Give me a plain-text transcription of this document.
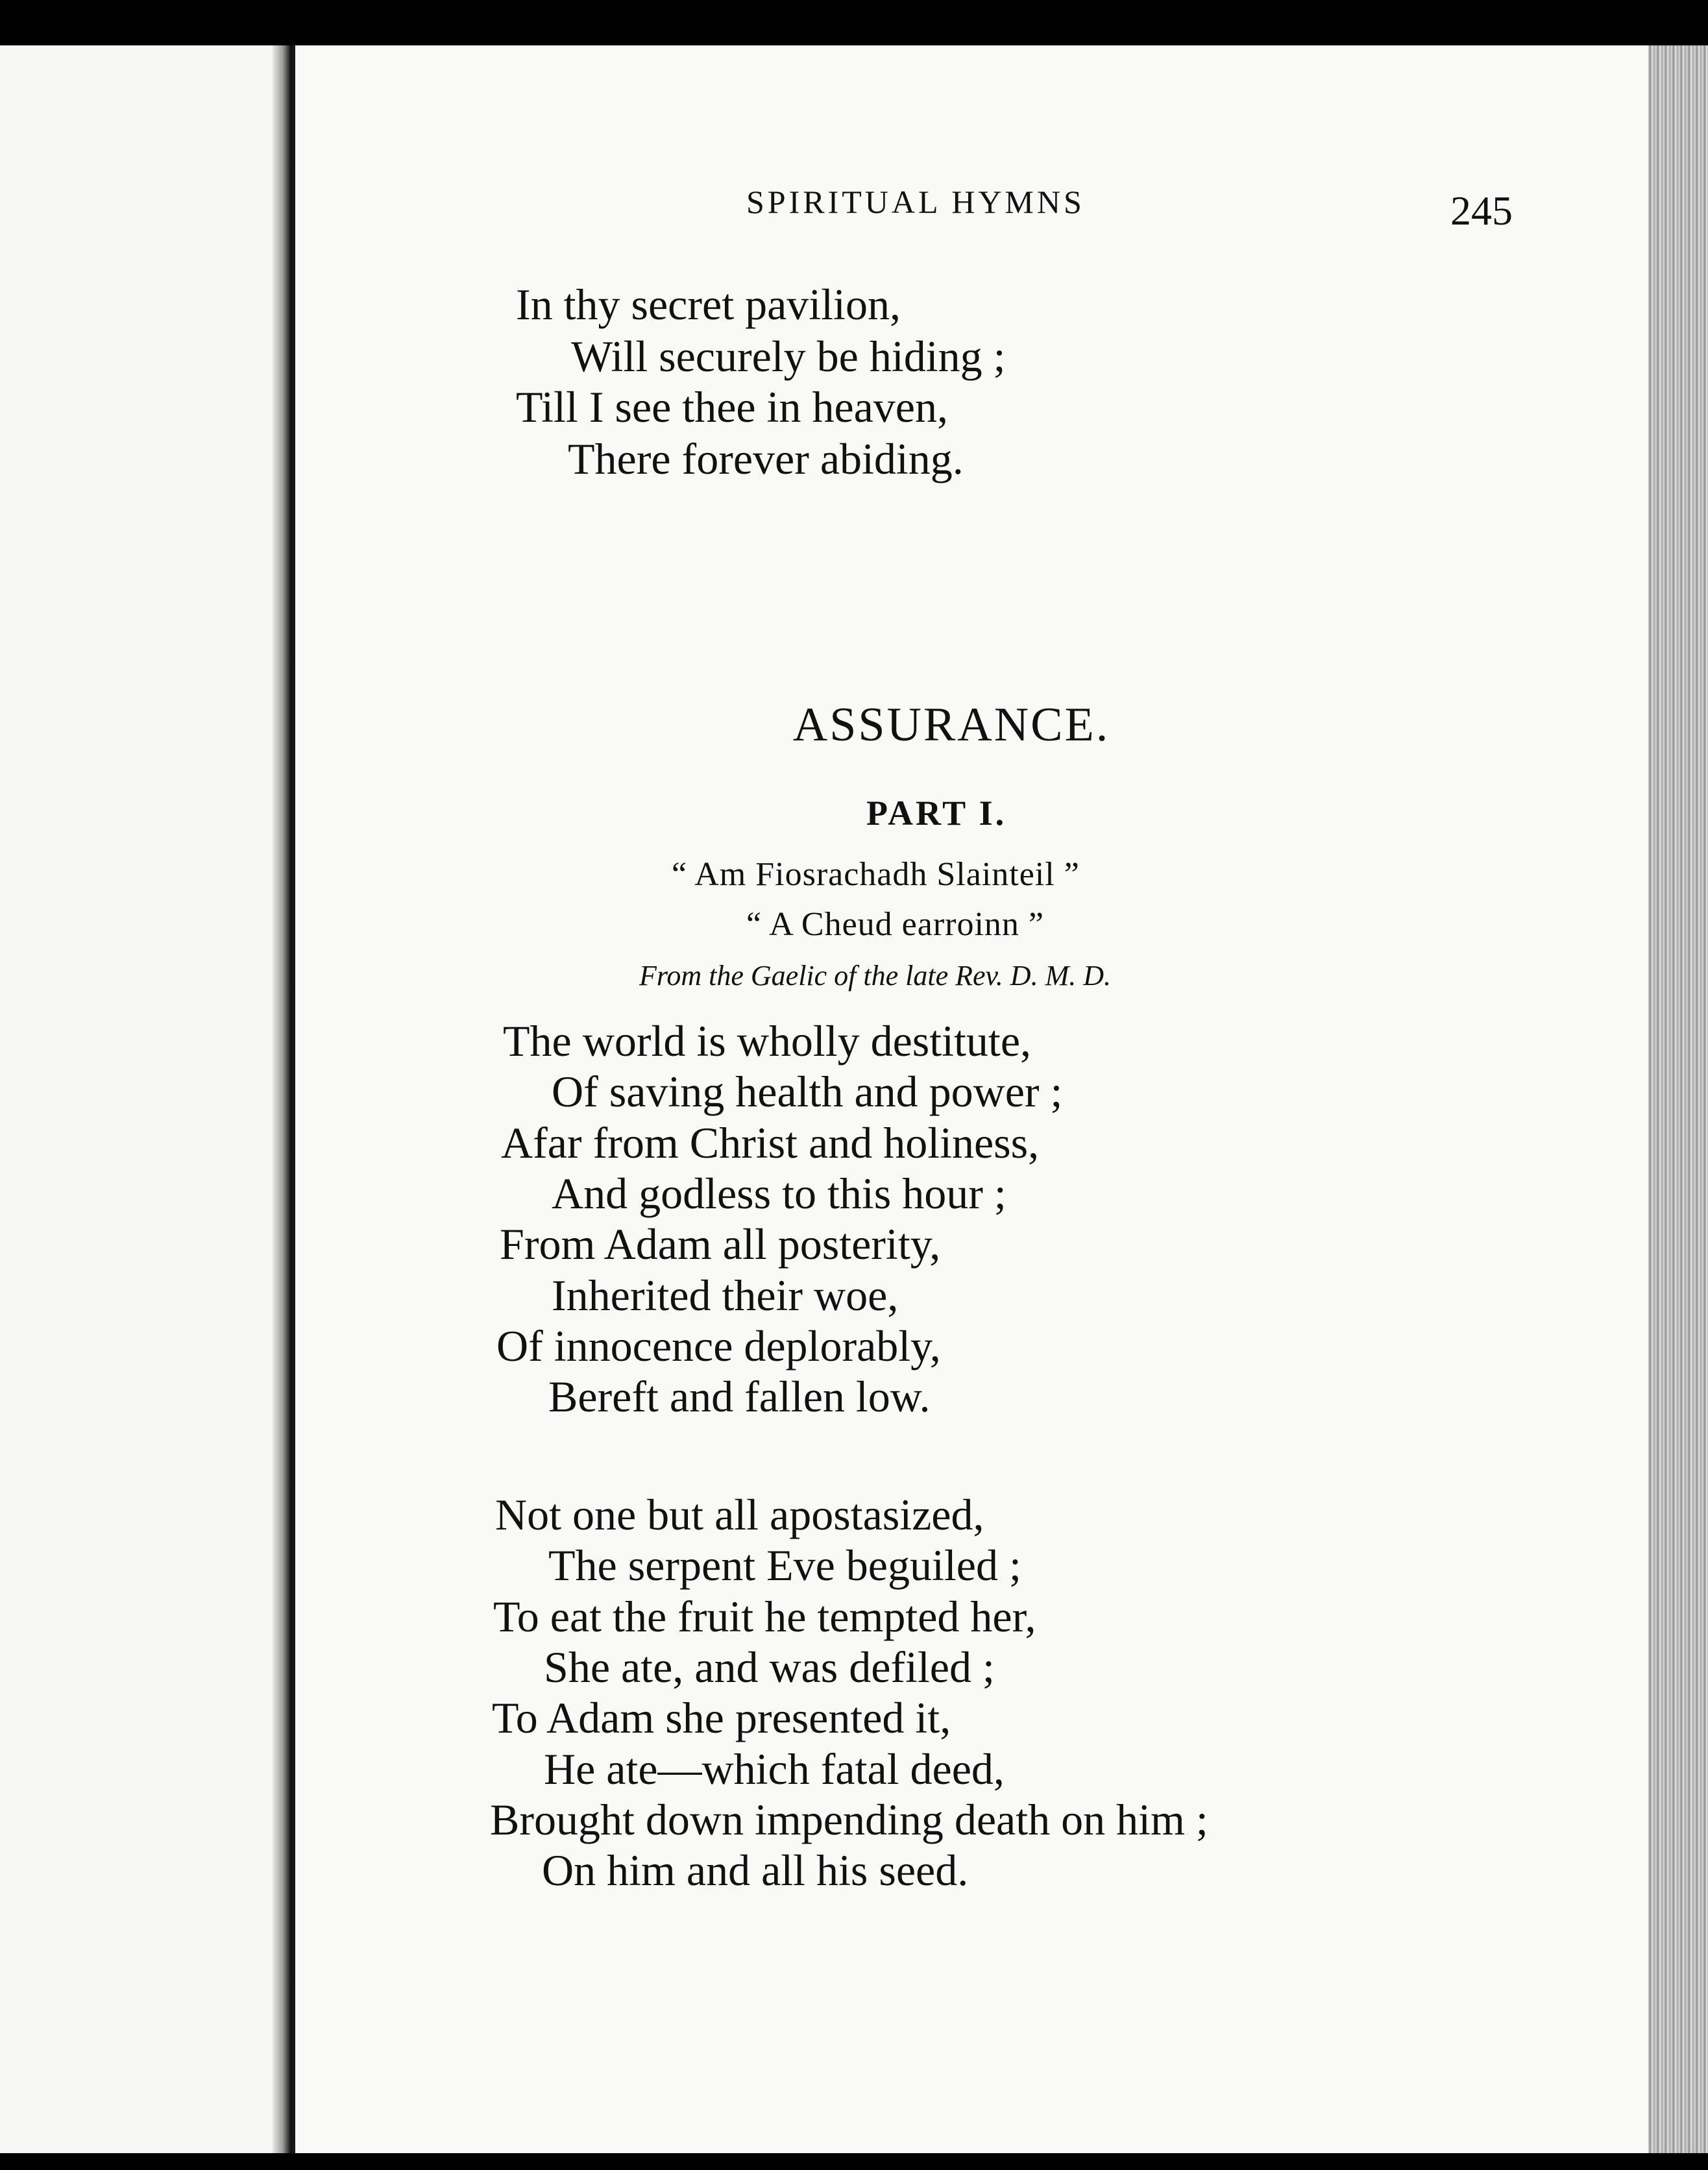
SPIRITUAL HYMNS	245
In thy secret pavilion,
Will securely be hiding ;
Till I see thee in heaven,
There forever abiding.
ASSURANCE.
PART I.
“ Am Fiosrachadh Slainteil ”
“ A Cheud earroinn ”
From the Gaelic of the late Rev. D. M. D.
The world is wholly destitute,
Of saving health and power ;
Afar from Christ and holiness,
And godless to this hour ;
From Adam all posterity,
Inherited their woe,
Of innocence deplorably,
Bereft and fallen low.
Not one but all apostasized,
The serpent Eve beguiled ;
To eat the fruit he tempted her,
She ate, and was defiled ;
To Adam she presented it,
He ate—which fatal deed,
Brought down impending death on him ;
On him and all his seed.
